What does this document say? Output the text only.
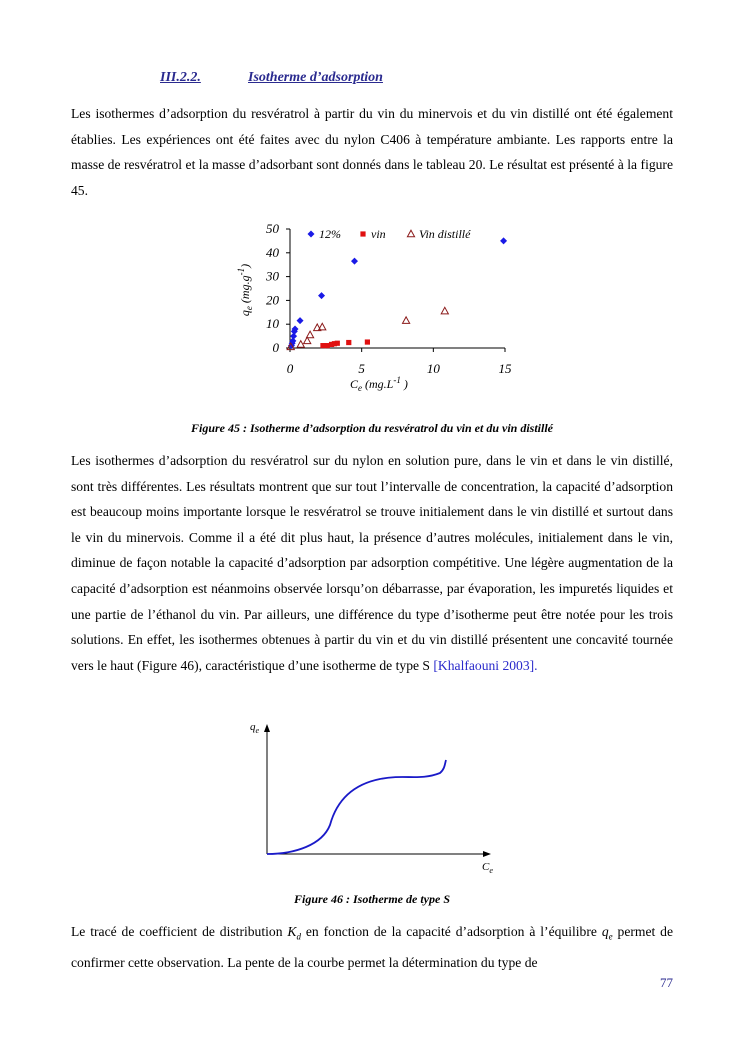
III.2.2.	Isotherme d’adsorption

Les isothermes d’adsorption du resvératrol à partir du vin du minervois et du vin distillé ont été également établies. Les expériences ont été faites avec du nylon C406 à température ambiante. Les rapports entre la masse de resvératrol et la masse d’adsorbant sont donnés dans le tableau 20. Le résultat est présenté à la figure 45.

0
10
20
30
40
50
0	5	10	15
12%	vin	Vin distillé
$q_e$ $(mg.g^{-1})$
$C_e$ ($mg.L^{-1}$ )

Figure 45 : Isotherme d’adsorption du resvératrol du vin et du vin distillé

Les isothermes d’adsorption du resvératrol sur du nylon en solution pure, dans le vin et dans le vin distillé, sont très différentes. Les résultats montrent que sur tout l’intervalle de concentration, la capacité d’adsorption est beaucoup moins importante lorsque le resvératrol se trouve initialement dans le vin distillé et surtout dans le vin du minervois. Comme il a été dit plus haut, la présence d’autres molécules, initialement dans le vin, diminue de façon notable la capacité d’adsorption par adsorption compétitive. Une légère augmentation de la capacité d’adsorption est néanmoins observée lorsqu’on débarrasse, par évaporation, les impuretés liquides et une partie de l’éthanol du vin. Par ailleurs, une différence du type d’isotherme peut être notée pour les trois solutions. En effet, les isothermes obtenues à partir du vin et du vin distillé présentent une concavité tournée vers le haut (Figure 46), caractéristique d’une isotherme de type S [Khalfaouni 2003].

$q_e$
$C_e$

Figure 46 : Isotherme de type S

Le tracé de coefficient de distribution $K_d$ en fonction de la capacité d’adsorption à l’équilibre $q_e$ permet de confirmer cette observation. La pente de la courbe permet la détermination du type de

77
